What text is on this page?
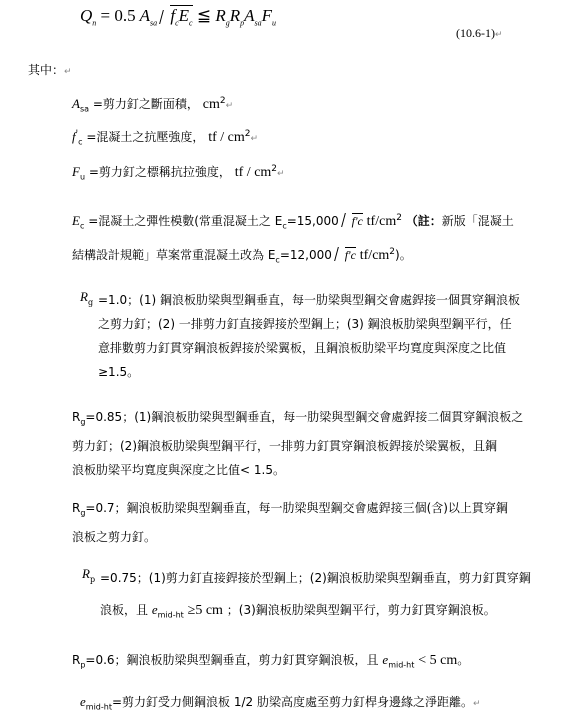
$Q_n = 0.5$ $A_{sa}$ $f_cE_c$ ≦ $R_gR_pA_{sa}F_u$
(10.6-1)↵
其中：↵
$A_{sa}$ =剪力釘之斷面積， $cm^2↵$
$f'_c$ =混凝土之抗壓強度， tf / $cm^2↵$
$F_u$ =剪力釘之標稱抗拉強度， tf / $cm^2↵$
$E_c$ =混凝土之彈性模數(常重混凝土之 $E_c=15,000$ f'c $tf/cm^2$ （註：新版「混凝土
結構設計規範」草案常重混凝土改為 $E_c=12,000$ f'c $tf/cm^2$)。
$R_g =1.0$；(1) 鋼浪板肋梁與型鋼垂直，每一肋梁與型鋼交會處銲接一個貫穿鋼浪板
之剪力釘；(2) 一排剪力釘直接銲接於型鋼上；(3) 鋼浪板肋梁與型鋼平行，任
意排數剪力釘貫穿鋼浪板銲接於梁翼板，且鋼浪板肋梁平均寬度與深度之比值
≥1.5。
$R_g=0.85$；(1)鋼浪板肋梁與型鋼垂直，每一肋梁與型鋼交會處銲接二個貫穿鋼浪板之
剪力釘；(2)鋼浪板肋梁與型鋼平行，一排剪力釘貫穿鋼浪板銲接於梁翼板，且鋼
浪板肋梁平均寬度與深度之比值< 1.5。
$R_g=0.7$；鋼浪板肋梁與型鋼垂直，每一肋梁與型鋼交會處銲接三個(含)以上貫穿鋼
浪板之剪力釘。
$R_p =0.75$；(1)剪力釘直接銲接於型鋼上；(2)鋼浪板肋梁與型鋼垂直，剪力釘貫穿鋼
浪板，且 $e_{mid-ht} \ge 5$ cm ；(3)鋼浪板肋梁與型鋼平行，剪力釘貫穿鋼浪板。
$R_p=0.6$；鋼浪板肋梁與型鋼垂直，剪力釘貫穿鋼浪板，且 $e_{mid-ht} < 5$ cm。
$e_{mid-ht}=$剪力釘受力側鋼浪板 1/2 肋梁高度處至剪力釘桿身邊緣之淨距離。↵
